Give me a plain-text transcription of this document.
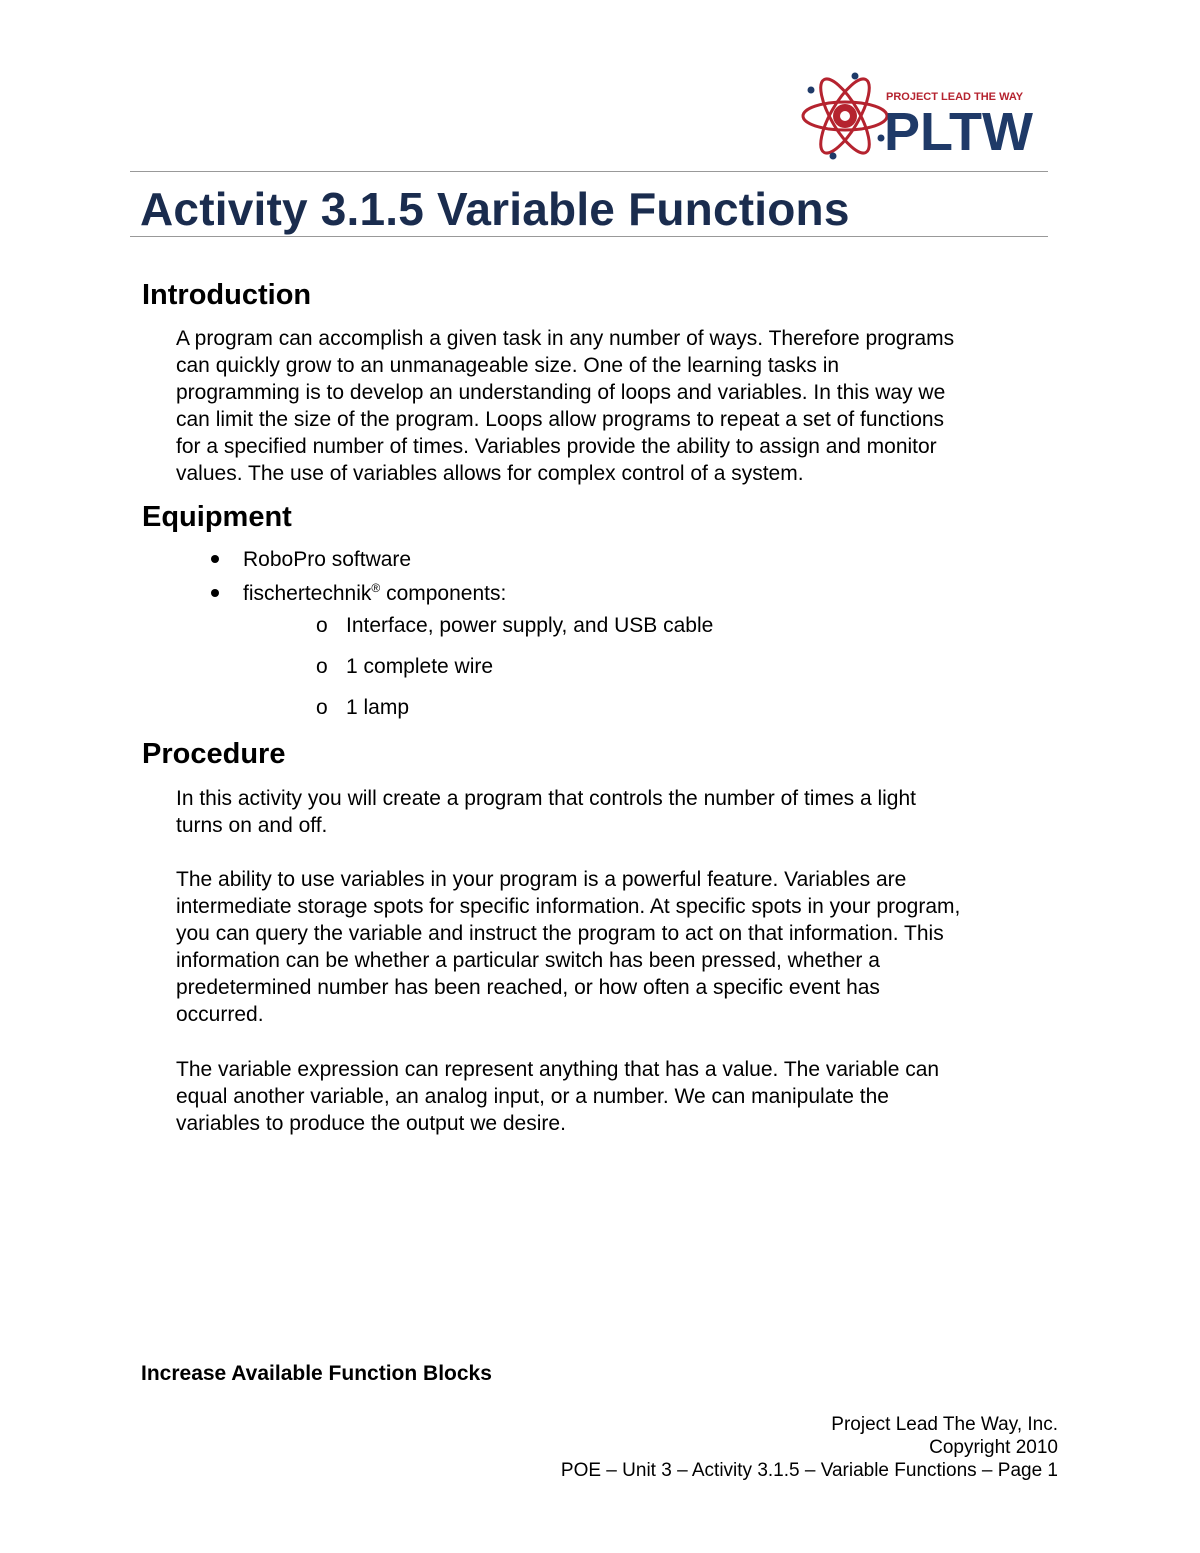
PROJECT LEAD THE WAY
PLTW
Activity 3.1.5 Variable Functions
Introduction
A program can accomplish a given task in any number of ways. Therefore programs
can quickly grow to an unmanageable size. One of the learning tasks in
programming is to develop an understanding of loops and variables. In this way we
can limit the size of the program. Loops allow programs to repeat a set of functions
for a specified number of times. Variables provide the ability to assign and monitor
values. The use of variables allows for complex control of a system.
Equipment
RoboPro software
fischertechnik® components:
o Interface, power supply, and USB cable
o 1 complete wire
o 1 lamp
Procedure
In this activity you will create a program that controls the number of times a light
turns on and off.
The ability to use variables in your program is a powerful feature. Variables are
intermediate storage spots for specific information. At specific spots in your program,
you can query the variable and instruct the program to act on that information. This
information can be whether a particular switch has been pressed, whether a
predetermined number has been reached, or how often a specific event has
occurred.
The variable expression can represent anything that has a value. The variable can
equal another variable, an analog input, or a number. We can manipulate the
variables to produce the output we desire.
Increase Available Function Blocks
Project Lead The Way, Inc.
Copyright 2010
POE – Unit 3 – Activity 3.1.5 – Variable Functions – Page 1
